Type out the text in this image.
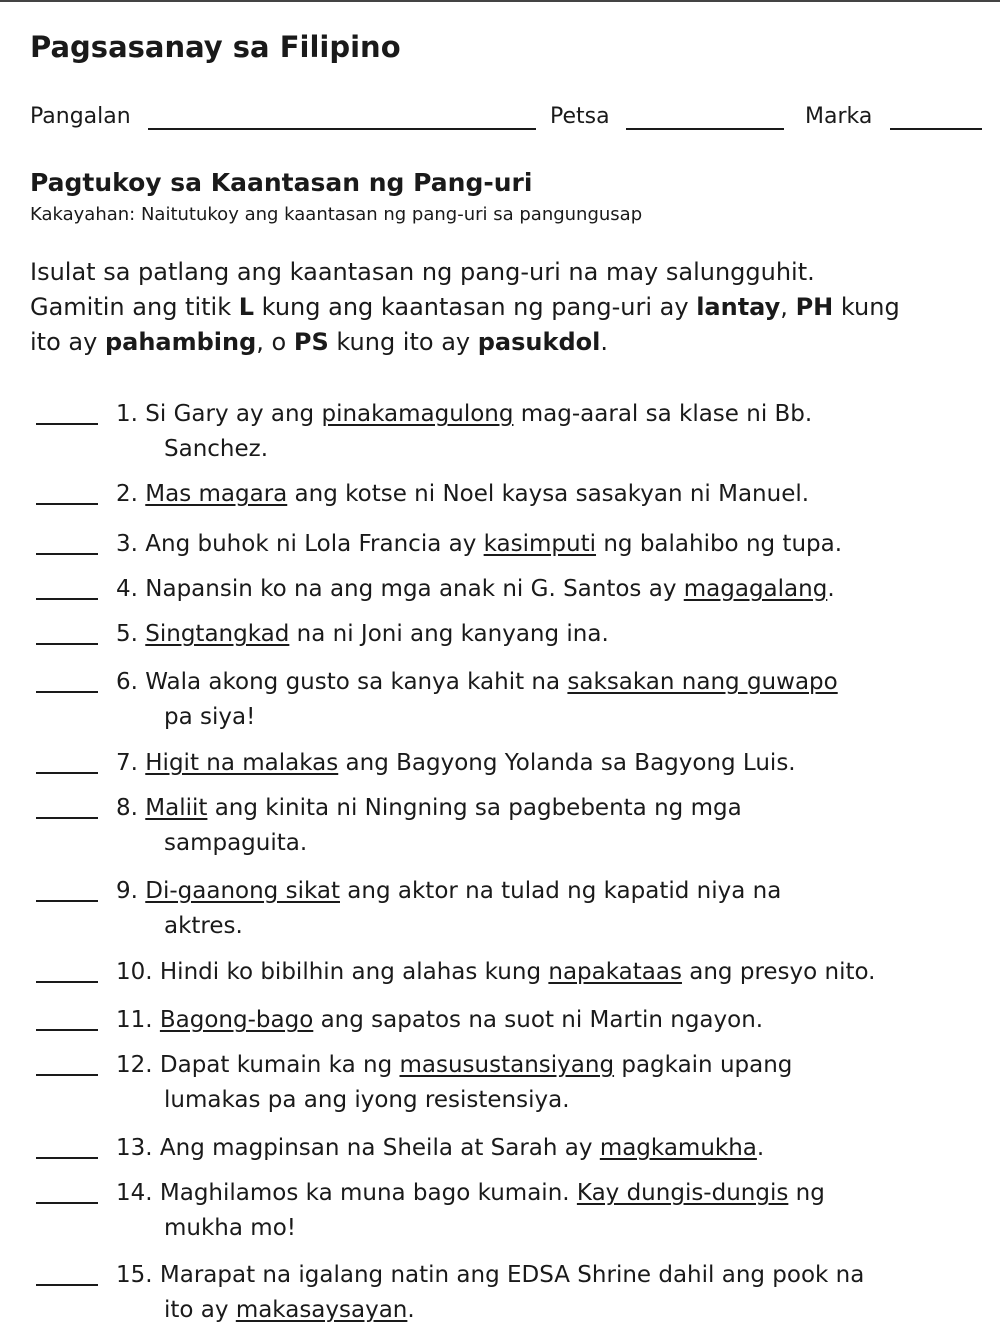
Pagsasanay sa Filipino
Pangalan	Petsa	Marka
Pagtukoy sa Kaantasan ng Pang-uri
Kakayahan: Naitutukoy ang kaantasan ng pang-uri sa pangungusap
Isulat sa patlang ang kaantasan ng pang-uri na may salungguhit.
Gamitin ang titik L kung ang kaantasan ng pang-uri ay lantay, PH kung
ito ay pahambing, o PS kung ito ay pasukdol.
1. Si Gary ay ang pinakamagulong mag-aaral sa klase ni Bb.
Sanchez.
2. Mas magara ang kotse ni Noel kaysa sasakyan ni Manuel.
3. Ang buhok ni Lola Francia ay kasimputi ng balahibo ng tupa.
4. Napansin ko na ang mga anak ni G. Santos ay magagalang.
5. Singtangkad na ni Joni ang kanyang ina.
6. Wala akong gusto sa kanya kahit na saksakan nang guwapo
pa siya!
7. Higit na malakas ang Bagyong Yolanda sa Bagyong Luis.
8. Maliit ang kinita ni Ningning sa pagbebenta ng mga
sampaguita.
9. Di-gaanong sikat ang aktor na tulad ng kapatid niya na
aktres.
10. Hindi ko bibilhin ang alahas kung napakataas ang presyo nito.
11. Bagong-bago ang sapatos na suot ni Martin ngayon.
12. Dapat kumain ka ng masusustansiyang pagkain upang
lumakas pa ang iyong resistensiya.
13. Ang magpinsan na Sheila at Sarah ay magkamukha.
14. Maghilamos ka muna bago kumain. Kay dungis-dungis ng
mukha mo!
15. Marapat na igalang natin ang EDSA Shrine dahil ang pook na
ito ay makasaysayan.
